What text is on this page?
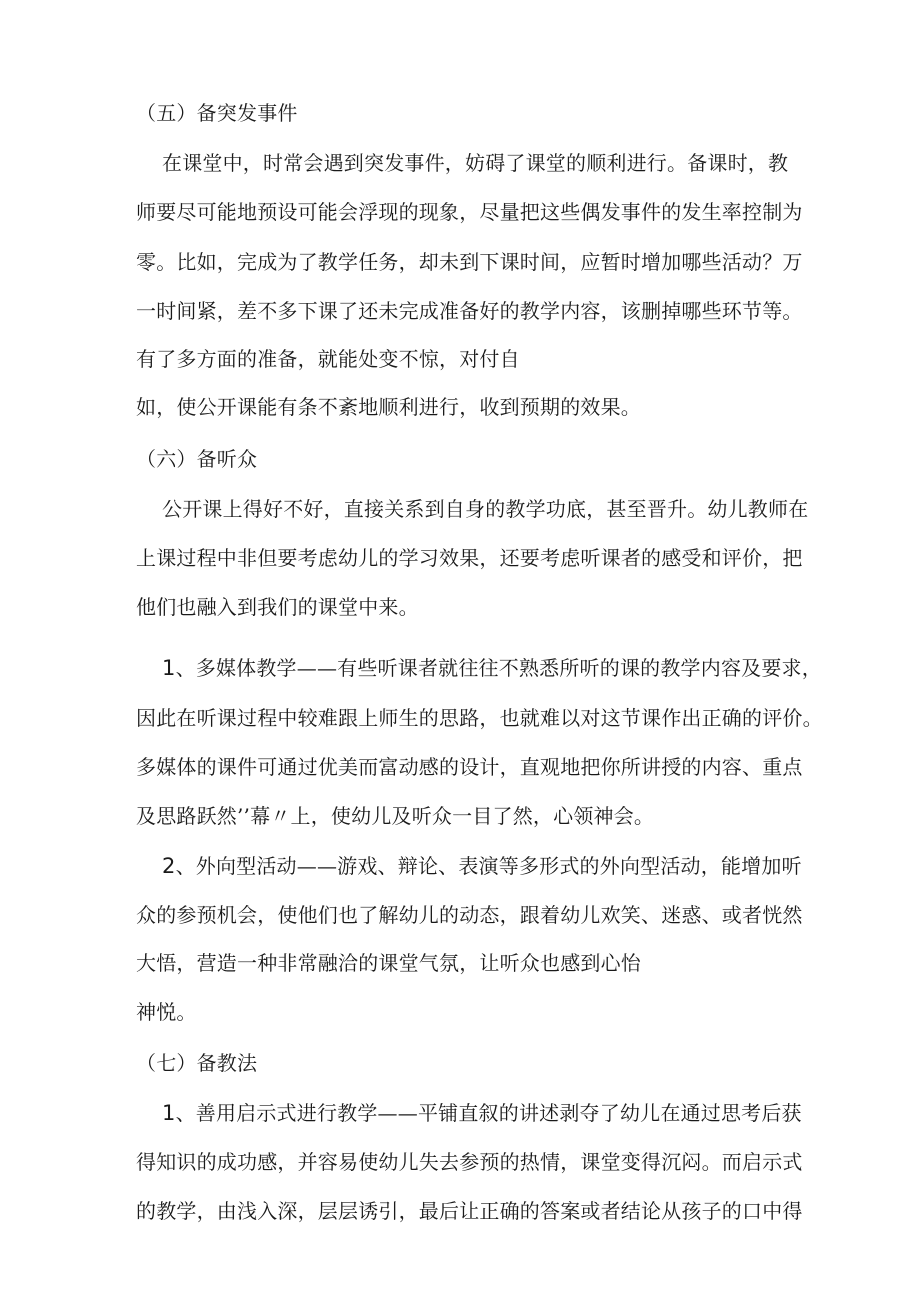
（五）备突发事件

在课堂中，时常会遇到突发事件，妨碍了课堂的顺利进行。备课时，教

师要尽可能地预设可能会浮现的现象，尽量把这些偶发事件的发生率控制为

零。比如，完成为了教学任务，却未到下课时间，应暂时增加哪些活动？万

一时间紧，差不多下课了还未完成准备好的教学内容，该删掉哪些环节等。

有了多方面的准备，就能处变不惊，对付自

如，使公开课能有条不紊地顺利进行，收到预期的效果。

（六）备听众

公开课上得好不好，直接关系到自身的教学功底，甚至晋升。幼儿教师在

上课过程中非但要考虑幼儿的学习效果，还要考虑听课者的感受和评价，把

他们也融入到我们的课堂中来。

1、多媒体教学——有些听课者就往往不熟悉所听的课的教学内容及要求，

因此在听课过程中较难跟上师生的思路，也就难以对这节课作出正确的评价。

多媒体的课件可通过优美而富动感的设计，直观地把你所讲授的内容、重点

及思路跃然’’幕〃上，使幼儿及听众一目了然，心领神会。

2、外向型活动——游戏、辩论、表演等多形式的外向型活动，能增加听

众的参预机会，使他们也了解幼儿的动态，跟着幼儿欢笑、迷惑、或者恍然

大悟，营造一种非常融洽的课堂气氛，让听众也感到心怡

神悦。

（七）备教法

1、善用启示式进行教学——平铺直叙的讲述剥夺了幼儿在通过思考后获

得知识的成功感，并容易使幼儿失去参预的热情，课堂变得沉闷。而启示式

的教学，由浅入深，层层诱引，最后让正确的答案或者结论从孩子的口中得
